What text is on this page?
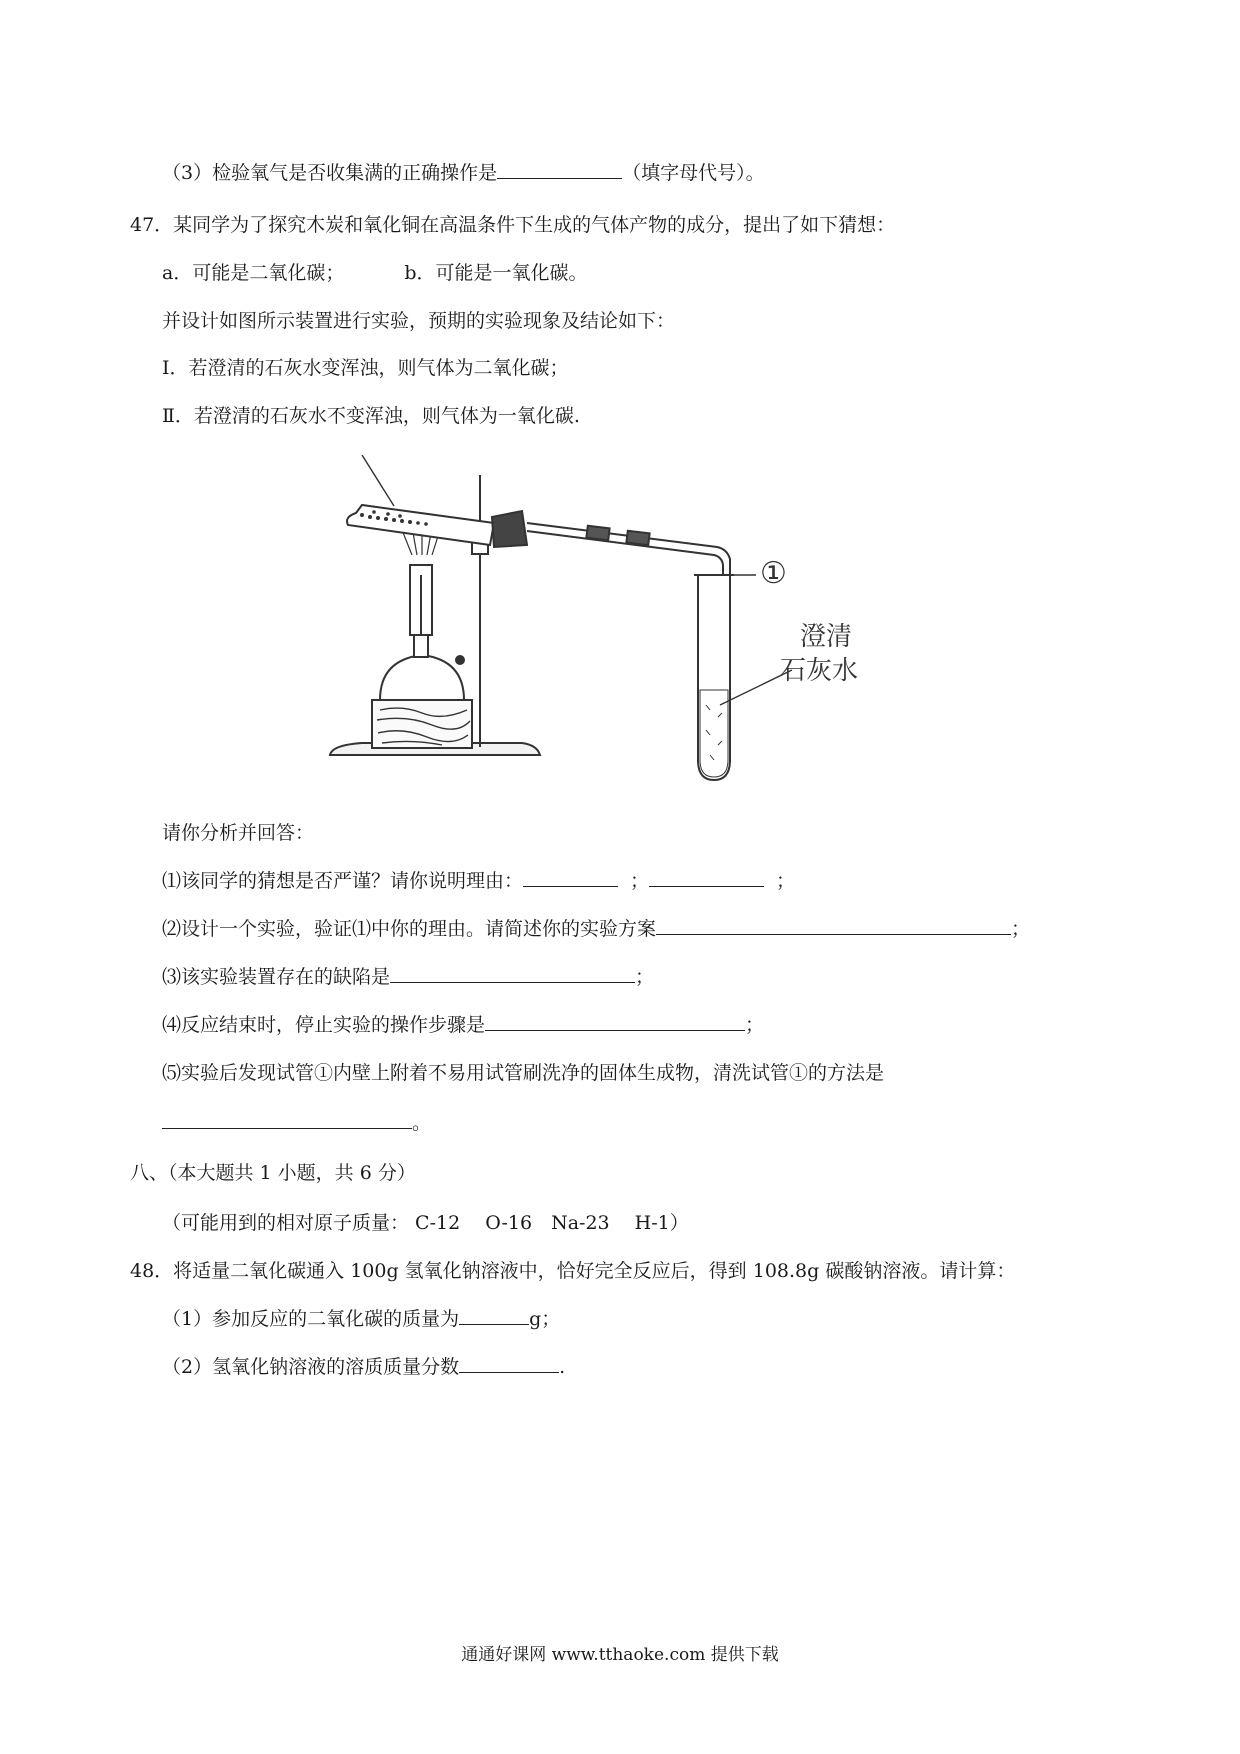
（3）检验氧气是否收集满的正确操作是	（填字母代号）。
47．某同学为了探究木炭和氧化铜在高温条件下生成的气体产物的成分，提出了如下猜想：
a．可能是二氧化碳；	b．可能是一氧化碳。
并设计如图所示装置进行实验，预期的实验现象及结论如下：
Ⅰ．若澄清的石灰水变浑浊，则气体为二氧化碳；
Ⅱ．若澄清的石灰水不变浑浊，则气体为一氧化碳.
①
澄清
石灰水
请你分析并回答：
⑴该同学的猜想是否严谨？请你说明理由：	；	；
⑵设计一个实验，验证⑴中你的理由。请简述你的实验方案	；
⑶该实验装置存在的缺陷是	；
⑷反应结束时，停止实验的操作步骤是	；
⑸实验后发现试管①内壁上附着不易用试管刷洗净的固体生成物，清洗试管①的方法是
。
八、（本大题共 1 小题，共 6 分）
（可能用到的相对原子质量： C-12　 O-16　Na-23　 H-1）
48．将适量二氧化碳通入 100g 氢氧化钠溶液中，恰好完全反应后，得到 108.8g 碳酸钠溶液。请计算：
（1）参加反应的二氧化碳的质量为	g；
（2）氢氧化钠溶液的溶质质量分数	.
通通好课网 www.tthaoke.com 提供下载
